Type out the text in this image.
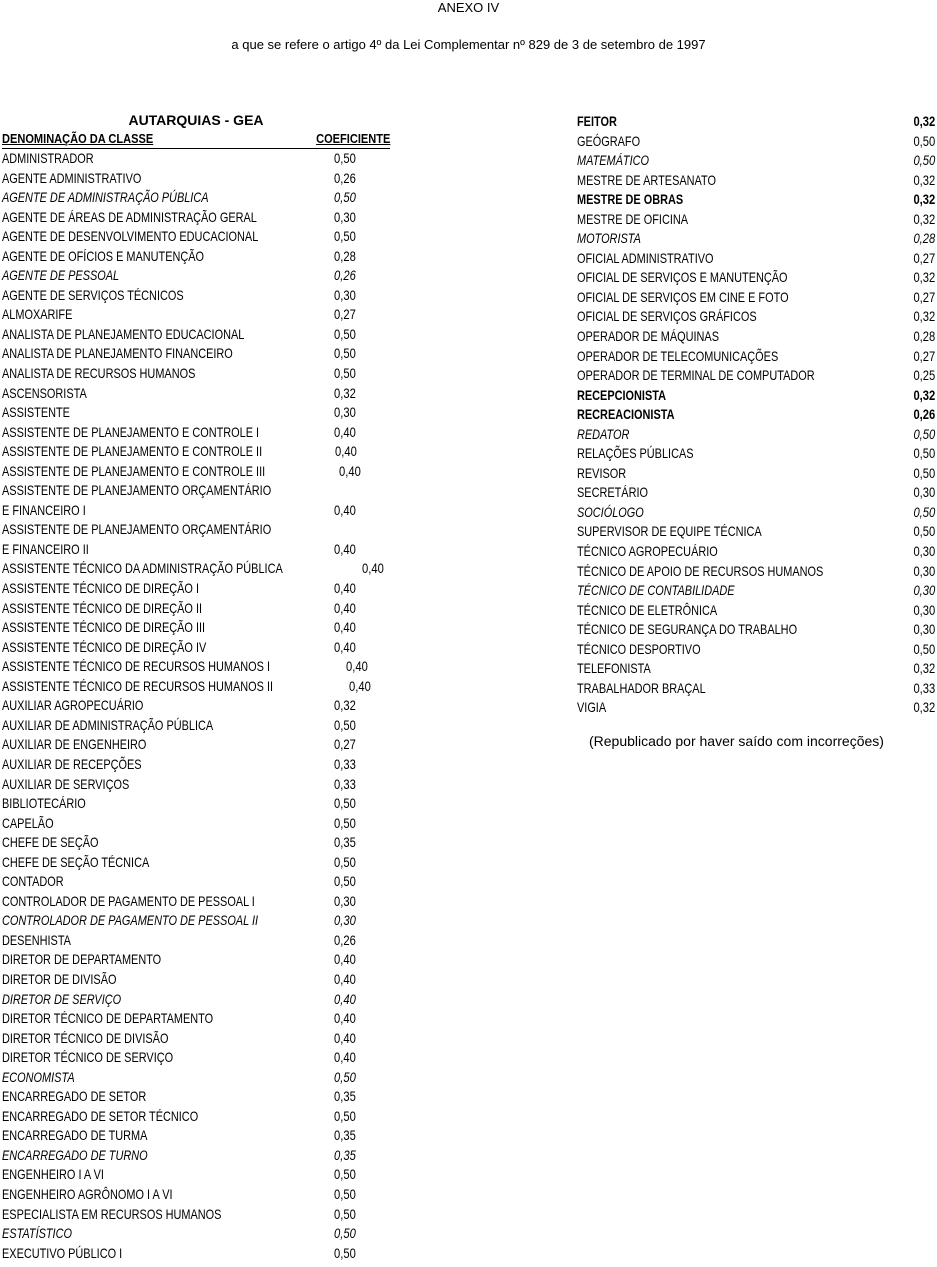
ANEXO IV
a que se refere o artigo 4º da Lei Complementar nº 829 de 3 de setembro de 1997
AUTARQUIAS - GEA
DENOMINAÇÃO DA CLASSE	COEFICIENTE
ADMINISTRADOR	0,50
AGENTE ADMINISTRATIVO	0,26
AGENTE DE ADMINISTRAÇÃO PÚBLICA	0,50
AGENTE DE ÁREAS DE ADMINISTRAÇÃO GERAL	0,30
AGENTE DE DESENVOLVIMENTO EDUCACIONAL	0,50
AGENTE DE OFÍCIOS E MANUTENÇÃO	0,28
AGENTE DE PESSOAL	0,26
AGENTE DE SERVIÇOS TÉCNICOS	0,30
ALMOXARIFE	0,27
ANALISTA DE PLANEJAMENTO EDUCACIONAL	0,50
ANALISTA DE PLANEJAMENTO FINANCEIRO	0,50
ANALISTA DE RECURSOS HUMANOS	0,50
ASCENSORISTA	0,32
ASSISTENTE	0,30
ASSISTENTE DE PLANEJAMENTO E CONTROLE I	0,40
ASSISTENTE DE PLANEJAMENTO E CONTROLE II	0,40
ASSISTENTE DE PLANEJAMENTO E CONTROLE III	0,40
ASSISTENTE DE PLANEJAMENTO ORÇAMENTÁRIO
E FINANCEIRO I	0,40
ASSISTENTE DE PLANEJAMENTO ORÇAMENTÁRIO
E FINANCEIRO II	0,40
ASSISTENTE TÉCNICO DA ADMINISTRAÇÃO PÚBLICA	0,40
ASSISTENTE TÉCNICO DE DIREÇÃO I	0,40
ASSISTENTE TÉCNICO DE DIREÇÃO II	0,40
ASSISTENTE TÉCNICO DE DIREÇÃO III	0,40
ASSISTENTE TÉCNICO DE DIREÇÃO IV	0,40
ASSISTENTE TÉCNICO DE RECURSOS HUMANOS I	0,40
ASSISTENTE TÉCNICO DE RECURSOS HUMANOS II	0,40
AUXILIAR AGROPECUÁRIO	0,32
AUXILIAR DE ADMINISTRAÇÃO PÚBLICA	0,50
AUXILIAR DE ENGENHEIRO	0,27
AUXILIAR DE RECEPÇÕES	0,33
AUXILIAR DE SERVIÇOS	0,33
BIBLIOTECÁRIO	0,50
CAPELÃO	0,50
CHEFE DE SEÇÃO	0,35
CHEFE DE SEÇÃO TÉCNICA	0,50
CONTADOR	0,50
CONTROLADOR DE PAGAMENTO DE PESSOAL I	0,30
CONTROLADOR DE PAGAMENTO DE PESSOAL II	0,30
DESENHISTA	0,26
DIRETOR DE DEPARTAMENTO	0,40
DIRETOR DE DIVISÃO	0,40
DIRETOR DE SERVIÇO	0,40
DIRETOR TÉCNICO DE DEPARTAMENTO	0,40
DIRETOR TÉCNICO DE DIVISÃO	0,40
DIRETOR TÉCNICO DE SERVIÇO	0,40
ECONOMISTA	0,50
ENCARREGADO DE SETOR	0,35
ENCARREGADO DE SETOR TÉCNICO	0,50
ENCARREGADO DE TURMA	0,35
ENCARREGADO DE TURNO	0,35
ENGENHEIRO I A VI	0,50
ENGENHEIRO AGRÔNOMO I A VI	0,50
ESPECIALISTA EM RECURSOS HUMANOS	0,50
ESTATÍSTICO	0,50
EXECUTIVO PÚBLICO I	0,50
FEITOR	0,32
GEÓGRAFO	0,50
MATEMÁTICO	0,50
MESTRE DE ARTESANATO	0,32
MESTRE DE OBRAS	0,32
MESTRE DE OFICINA	0,32
MOTORISTA	0,28
OFICIAL ADMINISTRATIVO	0,27
OFICIAL DE SERVIÇOS E MANUTENÇÃO	0,32
OFICIAL DE SERVIÇOS EM CINE E FOTO	0,27
OFICIAL DE SERVIÇOS GRÁFICOS	0,32
OPERADOR DE MÁQUINAS	0,28
OPERADOR DE TELECOMUNICAÇÕES	0,27
OPERADOR DE TERMINAL DE COMPUTADOR	0,25
RECEPCIONISTA	0,32
RECREACIONISTA	0,26
REDATOR	0,50
RELAÇÕES PÚBLICAS	0,50
REVISOR	0,50
SECRETÁRIO	0,30
SOCIÓLOGO	0,50
SUPERVISOR DE EQUIPE TÉCNICA	0,50
TÉCNICO AGROPECUÁRIO	0,30
TÉCNICO DE APOIO DE RECURSOS HUMANOS	0,30
TÉCNICO DE CONTABILIDADE	0,30
TÉCNICO DE ELETRÔNICA	0,30
TÉCNICO DE SEGURANÇA DO TRABALHO	0,30
TÉCNICO DESPORTIVO	0,50
TELEFONISTA	0,32
TRABALHADOR BRAÇAL	0,33
VIGIA	0,32
(Republicado por haver saído com incorreções)
